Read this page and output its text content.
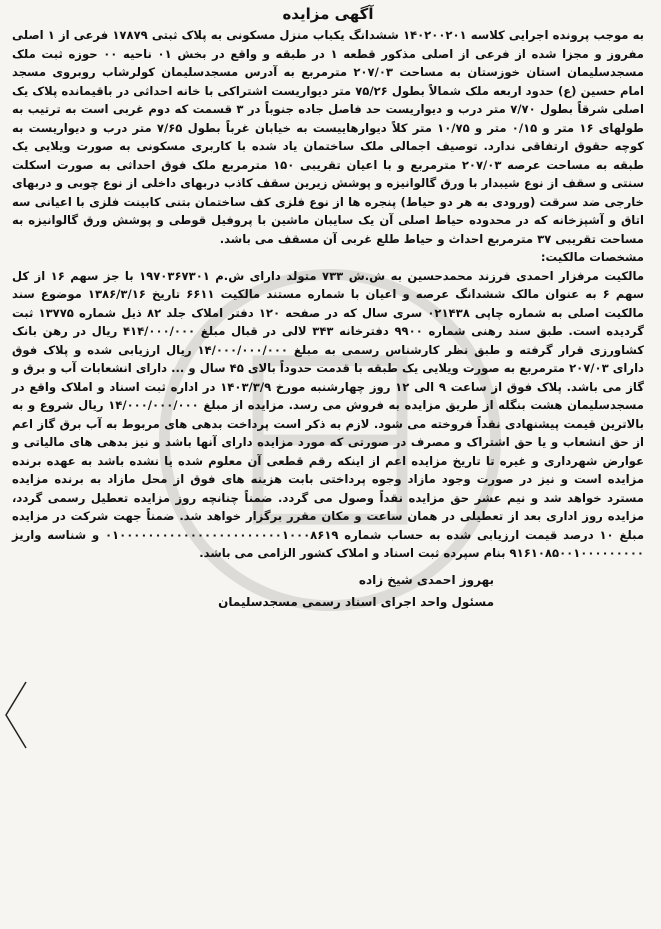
آگهی مزایده

به موجب پرونده اجرایی کلاسه ۱۴۰۲۰۰۲۰۱ ششدانگ یکباب منزل مسکونی به پلاک ثبتی ۱۷۸۷۹ فرعی از ۱ اصلی مفروز و مجزا شده از فرعی از اصلی مذکور قطعه ۱ در طبقه و واقع در بخش ۰۱ ناحیه ۰۰ حوزه ثبت ملک مسجدسلیمان استان خوزستان به مساحت ۲۰۷/۰۳ مترمربع به آدرس مسجدسلیمان کولرشاب روبروی مسجد امام حسین (ع) حدود اربعه ملک شمالاً بطول ۷۵/۲۶ متر دیواریست اشتراکی با خانه احداثی در باقیمانده پلاک یک اصلی شرقاً بطول ۷/۷۰ متر درب و دیواریست حد فاصل جاده جنوباً در ۳ قسمت که دوم غربی است به ترتیب به طولهای ۱۶ متر و ۰/۱۵ متر و ۱۰/۷۵ متر کلاً دیوارهاییست به خیابان غرباً بطول ۷/۶۵ متر درب و دیواریست به کوچه حقوق ارتفاقی ندارد. توصیف اجمالی ملک ساختمان یاد شده با کاربری مسکونی به صورت ویلایی یک طبقه به مساحت عرصه ۲۰۷/۰۳ مترمربع و با اعیان تقریبی ۱۵۰ مترمربع ملک فوق احداثی به صورت اسکلت سنتی و سقف از نوع شیبدار با ورق گالوانیزه و پوشش زیرین سقف کاذب دربهای داخلی از نوع چوبی و دربهای خارجی ضد سرقت (ورودی به هر دو حیاط) پنجره ها از نوع فلزی کف ساختمان بتنی کابینت فلزی با اعیانی سه اتاق و آشپزخانه که در محدوده حیاط اصلی آن یک سایبان ماشین با پروفیل قوطی و پوشش ورق گالوانیزه به مساحت تقریبی ۳۷ مترمربع احداث و حیاط طلع غربی آن مسقف می باشد.

مشخصات مالکیت:

مالکیت مرفزار احمدی فرزند محمدحسین به ش.ش ۷۳۳ متولد دارای ش.م ۱۹۷۰۳۶۷۳۰۱ با جز سهم ۱۶ از کل سهم ۶ به عنوان مالک ششدانگ عرصه و اعیان با شماره مستند مالکیت ۶۶۱۱ تاریخ ۱۳۸۶/۳/۱۶ موضوع سند مالکیت اصلی به شماره چاپی ۰۲۱۴۳۸ سری سال که در صفحه ۱۲۰ دفتر املاک جلد ۸۲ ذیل شماره ۱۳۷۷۵ ثبت گردیده است. طبق سند رهنی شماره ۹۹۰۰ دفترخانه ۳۴۳ لالی در قبال مبلغ ۴۱۴/۰۰۰/۰۰۰ ریال در رهن بانک کشاورزی قرار گرفته و طبق نظر کارشناس رسمی به مبلغ ۱۴/۰۰۰/۰۰۰/۰۰۰ ریال ارزیابی شده و پلاک فوق دارای ۲۰۷/۰۳ مترمربع به صورت ویلایی یک طبقه با قدمت حدوداً بالای ۴۵ سال و ... دارای انشعابات آب و برق و گاز می باشد. پلاک فوق از ساعت ۹ الی ۱۲ روز چهارشنبه مورخ ۱۴۰۳/۳/۹ در اداره ثبت اسناد و املاک واقع در مسجدسلیمان هشت بنگله از طریق مزایده به فروش می رسد. مزایده از مبلغ ۱۴/۰۰۰/۰۰۰/۰۰۰ ریال شروع و به بالاترین قیمت پیشنهادی نقداً فروخته می شود. لازم به ذکر است پرداخت بدهی های مربوط به آب برق گاز اعم از حق انشعاب و یا حق اشتراک و مصرف در صورتی که مورد مزایده دارای آنها باشد و نیز بدهی های مالیاتی و عوارض شهرداری و غیره تا تاریخ مزایده اعم از اینکه رقم قطعی آن معلوم شده یا نشده باشد به عهده برنده مزایده است و نیز در صورت وجود مازاد وجوه پرداختی بابت هزینه های فوق از محل مازاد به برنده مزایده مسترد خواهد شد و نیم عشر حق مزایده نقداً وصول می گردد. ضمناً چنانچه روز مزایده تعطیل رسمی گردد، مزایده روز اداری بعد از تعطیلی در همان ساعت و مکان مقرر برگزار خواهد شد. ضمناً جهت شرکت در مزایده مبلغ ۱۰ درصد قیمت ارزیابی شده به حساب شماره ۰۱۰۰۰۰۰۰۰۰۰۰۰۰۰۰۰۰۰۰۰۰۰۰۰۱۰۰۰۸۶۱۹ و شناسه واریز ۹۱۶۱۰۸۵۰۰۱۰۰۰۰۰۰۰۰۰ بنام سپرده ثبت اسناد و املاک کشور الزامی می باشد.

بهروز احمدی شیخ زاده
مسئول واحد اجرای اسناد رسمی مسجدسلیمان
